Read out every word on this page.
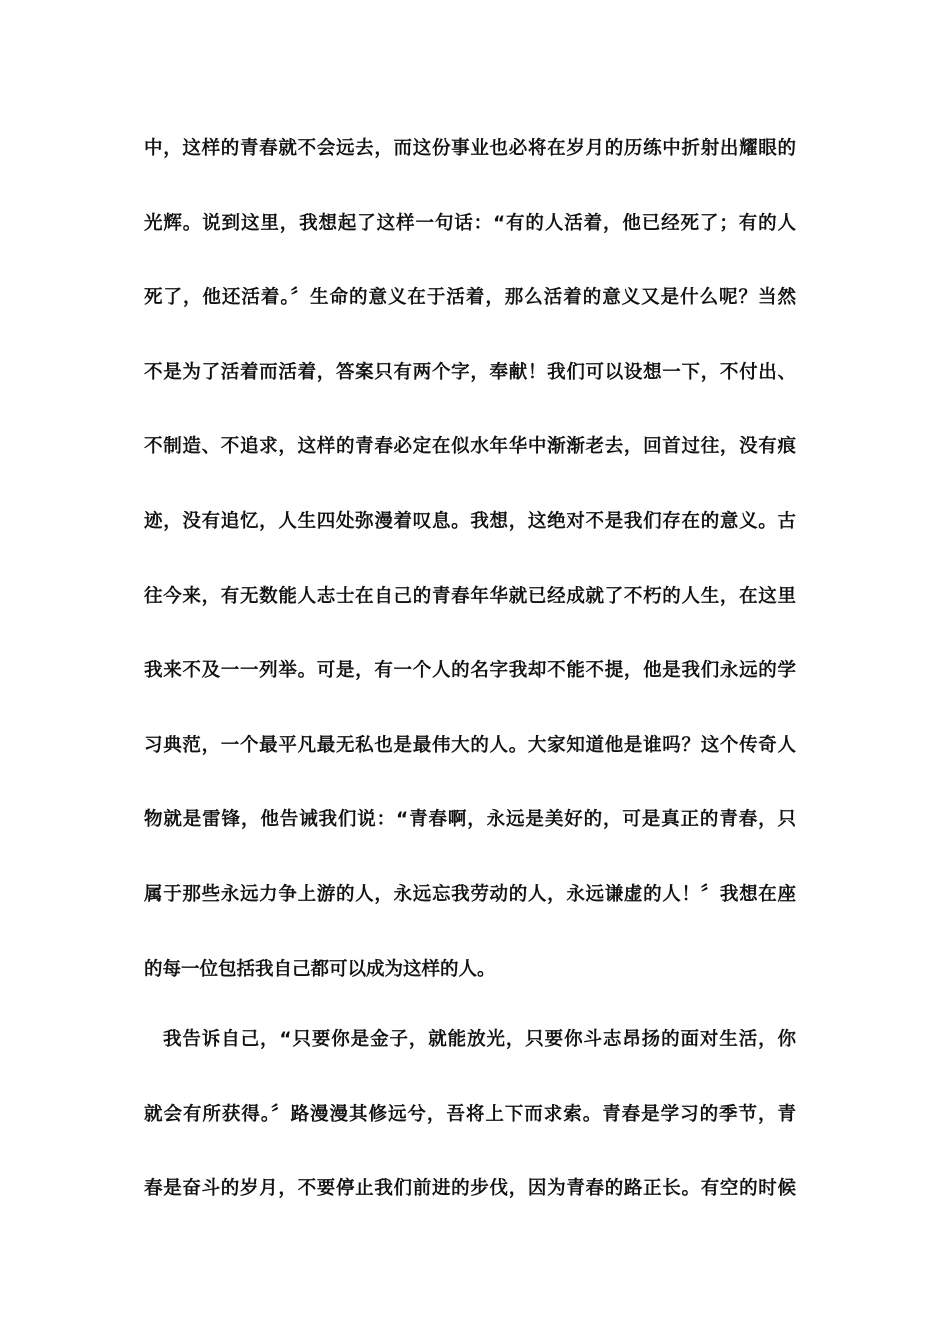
中，这样的青春就不会远去，而这份事业也必将在岁月的历练中折射出耀眼的
光辉。说到这里，我想起了这样一句话：“有的人活着，他已经死了；有的人
死了，他还活着。〞生命的意义在于活着，那么活着的意义又是什么呢？当然
不是为了活着而活着，答案只有两个字，奉献！我们可以设想一下，不付出、
不制造、不追求，这样的青春必定在似水年华中渐渐老去，回首过往，没有痕
迹，没有追忆，人生四处弥漫着叹息。我想，这绝对不是我们存在的意义。古
往今来，有无数能人志士在自己的青春年华就已经成就了不朽的人生，在这里
我来不及一一列举。可是，有一个人的名字我却不能不提，他是我们永远的学
习典范，一个最平凡最无私也是最伟大的人。大家知道他是谁吗？这个传奇人
物就是雷锋，他告诫我们说：“青春啊，永远是美好的，可是真正的青春，只
属于那些永远力争上游的人，永远忘我劳动的人，永远谦虚的人！〞我想在座
的每一位包括我自己都可以成为这样的人。
我告诉自己，“只要你是金子，就能放光，只要你斗志昂扬的面对生活，你
就会有所获得。〞路漫漫其修远兮，吾将上下而求索。青春是学习的季节，青
春是奋斗的岁月，不要停止我们前进的步伐，因为青春的路正长。有空的时候
